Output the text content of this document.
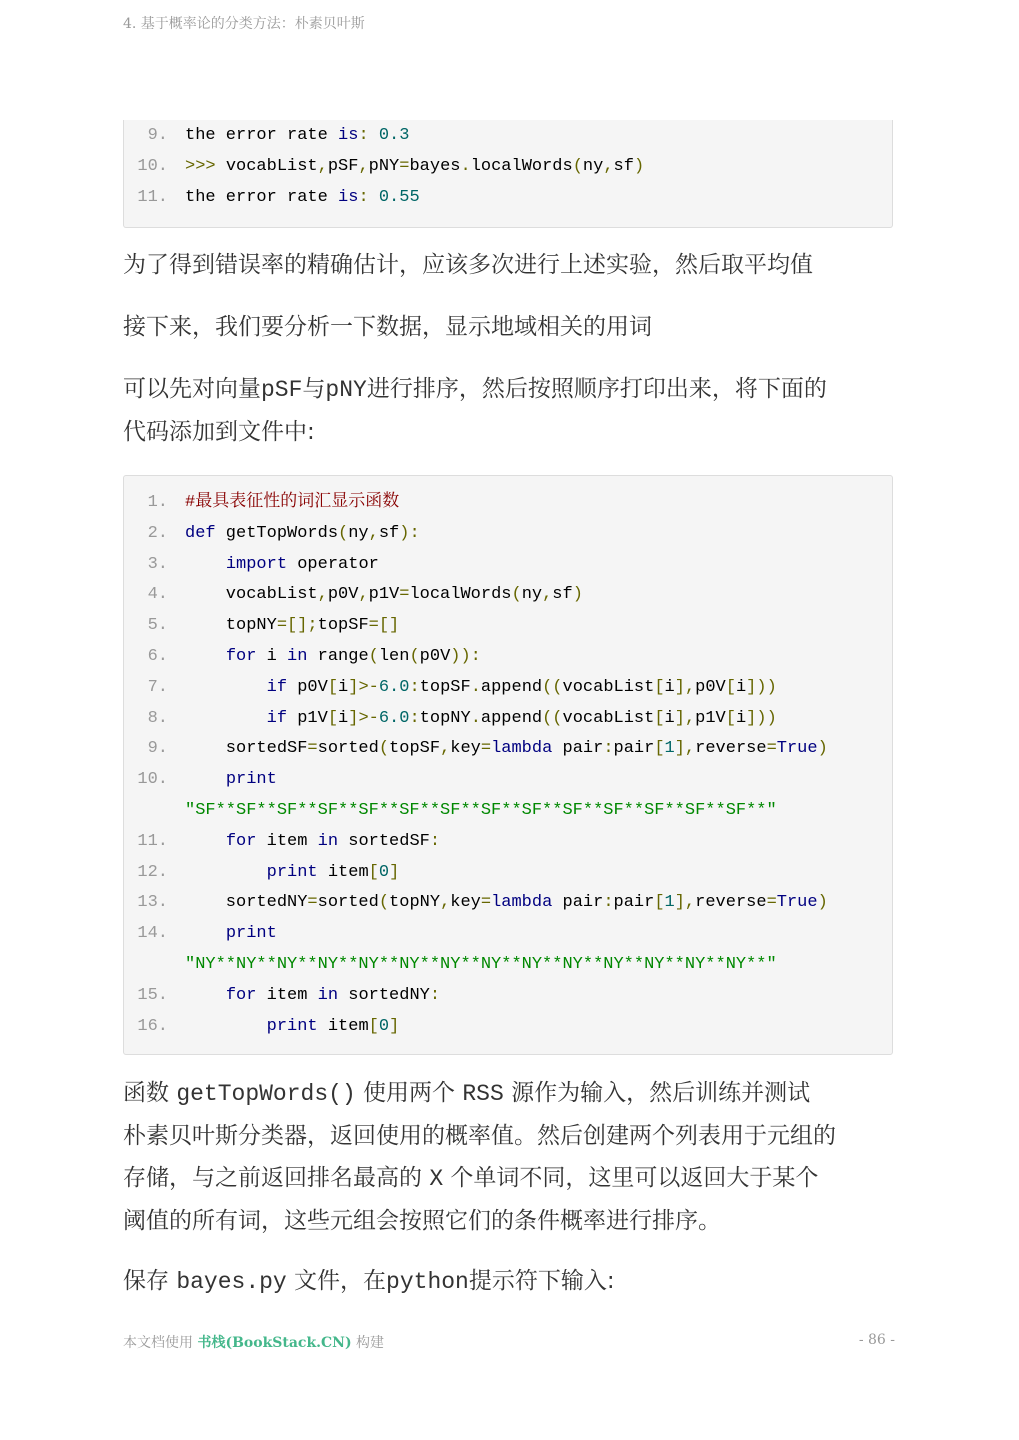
4. 基于概率论的分类方法：朴素贝叶斯
9. the error rate is: 0.3
10. >>> vocabList,pSF,pNY=bayes.localWords(ny,sf)
11. the error rate is: 0.55
为了得到错误率的精确估计，应该多次进行上述实验，然后取平均值
接下来，我们要分析一下数据，显示地域相关的用词
可以先对向量pSF与pNY进行排序，然后按照顺序打印出来，将下面的
代码添加到文件中:
1. #最具表征性的词汇显示函数
2. def getTopWords(ny,sf):
3.	import operator
4. vocabList,p0V,p1V=localWords(ny,sf)
5. topNY=[];topSF=[]
6.	for i in range(len(p0V)):
7.	if p0V[i]>-6.0:topSF.append((vocabList[i],p0V[i]))
8.	if p1V[i]>-6.0:topNY.append((vocabList[i],p1V[i]))
9. sortedSF=sorted(topSF,key=lambda pair:pair[1],reverse=True)
10.	print
"SF**SF**SF**SF**SF**SF**SF**SF**SF**SF**SF**SF**SF**SF**"
11.	for item in sortedSF:
12.	print item[0]
13. sortedNY=sorted(topNY,key=lambda pair:pair[1],reverse=True)
14.	print
"NY**NY**NY**NY**NY**NY**NY**NY**NY**NY**NY**NY**NY**NY**"
15.	for item in sortedNY:
16.	print item[0]
函数 getTopWords() 使用两个 RSS 源作为输入，然后训练并测试
朴素贝叶斯分类器，返回使用的概率值。然后创建两个列表用于元组的
存储，与之前返回排名最高的 X 个单词不同，这里可以返回大于某个
阈值的所有词，这些元组会按照它们的条件概率进行排序。
保存 bayes.py 文件，在python提示符下输入:
本文档使用 书栈(BookStack.CN) 构建	- 86 -
